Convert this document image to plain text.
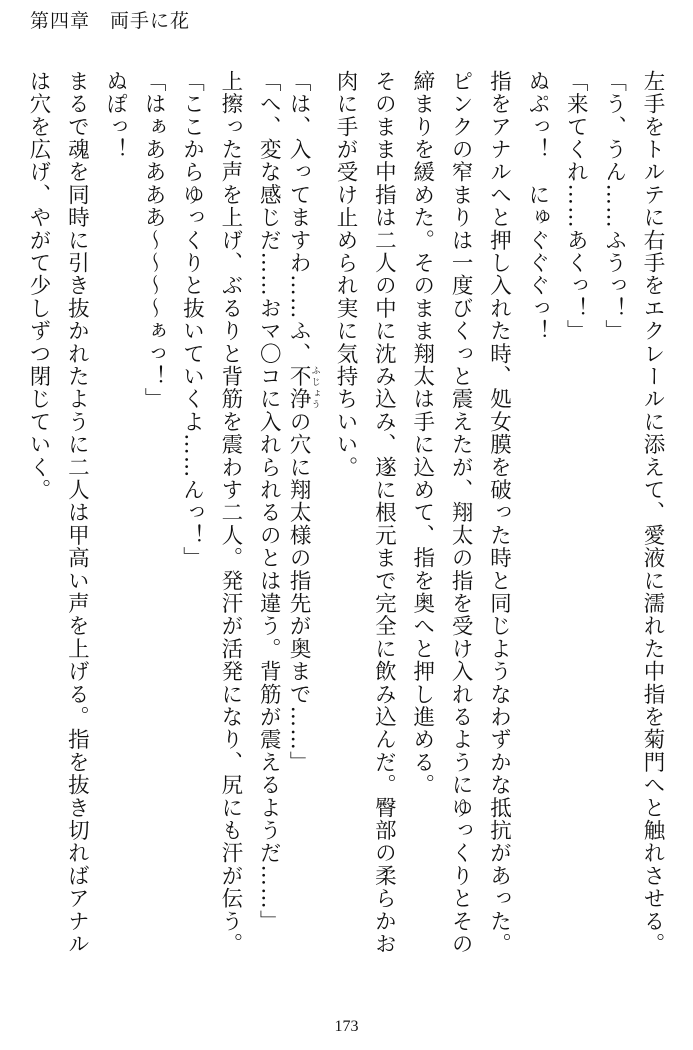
第四章　両手に花

左手をトルテに右手をエクレールに添えて、愛液に濡れた中指を菊門へと触れさせる。

「う、うん……ふうっ！」

「来てくれ……あくっ！」

ぬぷっ！　にゅぐぐぐっ！

指をアナルへと押し入れた時、処女膜を破った時と同じようなわずかな抵抗があった。

ピンクの窄まりは一度びくっと震えたが、翔太の指を受け入れるようにゆっくりとその

締まりを緩めた。そのまま翔太は手に込めて、指を奥へと押し進める。

そのまま中指は二人の中に沈み込み、遂に根元まで完全に飲み込んだ。臀部の柔らかお

肉に手が受け止められ実に気持ちいい。

「は、入ってますわ……ふ、不浄ふじょうの穴に翔太様の指先が奥まで……」

「へ、変な感じだ……おマ〇コに入れられるのとは違う。背筋が震えるようだ……」

上擦った声を上げ、ぶるりと背筋を震わす二人。発汗が活発になり、尻にも汗が伝う。

「ここからゆっくりと抜いていくよ……んっ！」

「はぁああああ〜〜〜〜ぁっ！」

ぬぽっ！

まるで魂を同時に引き抜かれたように二人は甲高い声を上げる。指を抜き切ればアナル

は穴を広げ、やがて少しずつ閉じていく。

173
